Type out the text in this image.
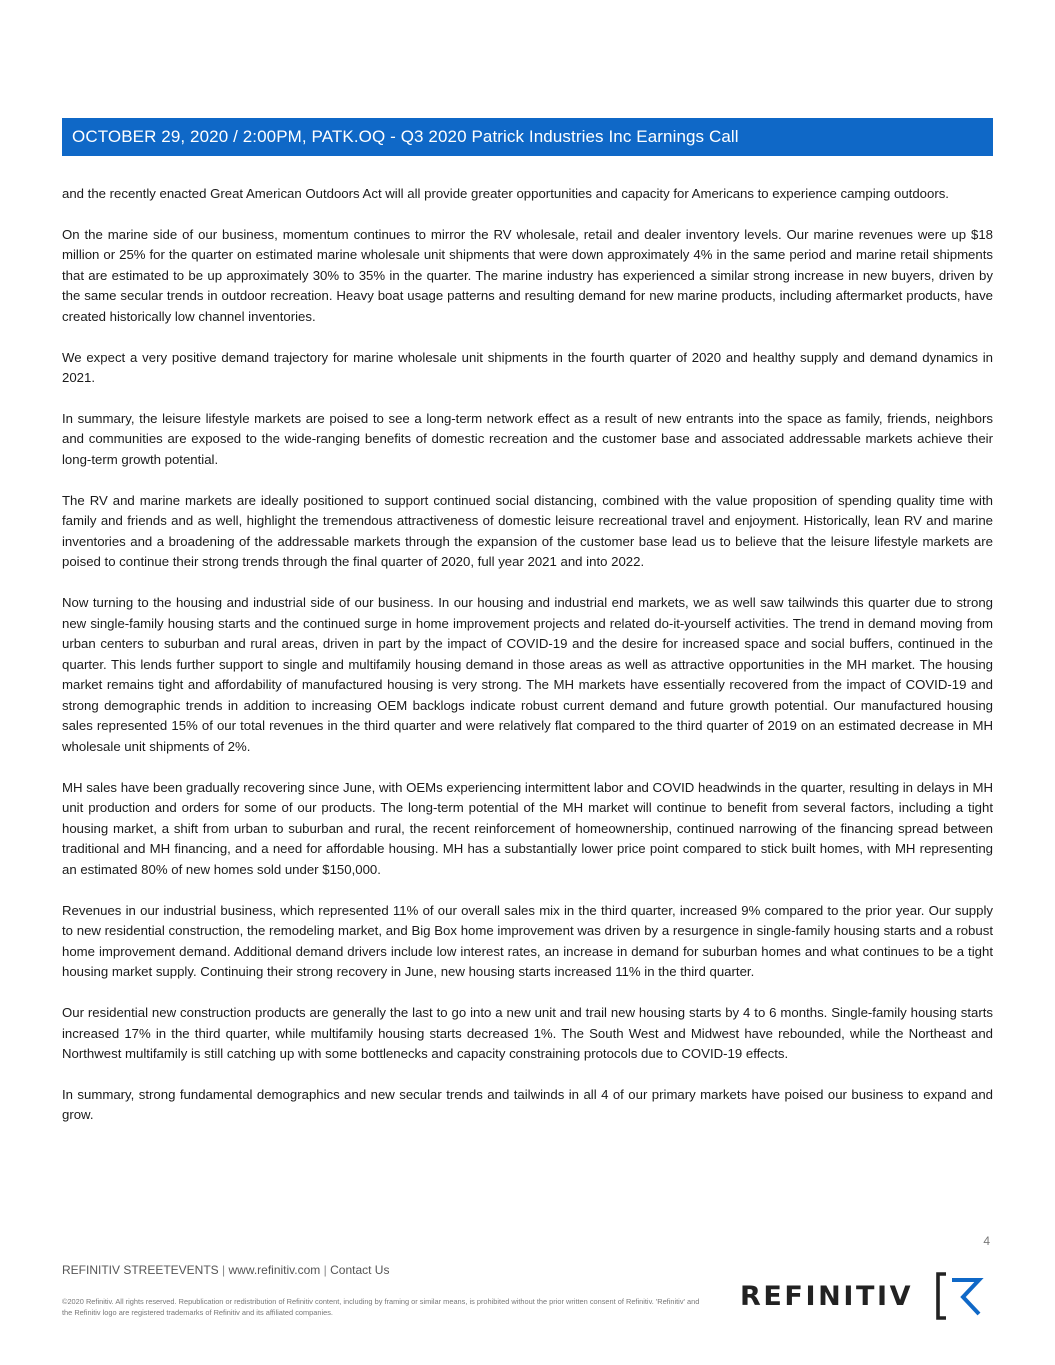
OCTOBER 29, 2020 / 2:00PM, PATK.OQ - Q3 2020 Patrick Industries Inc Earnings Call

and the recently enacted Great American Outdoors Act will all provide greater opportunities and capacity for Americans to experience camping outdoors.

On the marine side of our business, momentum continues to mirror the RV wholesale, retail and dealer inventory levels. Our marine revenues were up $18 million or 25% for the quarter on estimated marine wholesale unit shipments that were down approximately 4% in the same period and marine retail shipments that are estimated to be up approximately 30% to 35% in the quarter. The marine industry has experienced a similar strong increase in new buyers, driven by the same secular trends in outdoor recreation. Heavy boat usage patterns and resulting demand for new marine products, including aftermarket products, have created historically low channel inventories.

We expect a very positive demand trajectory for marine wholesale unit shipments in the fourth quarter of 2020 and healthy supply and demand dynamics in 2021.

In summary, the leisure lifestyle markets are poised to see a long-term network effect as a result of new entrants into the space as family, friends, neighbors and communities are exposed to the wide-ranging benefits of domestic recreation and the customer base and associated addressable markets achieve their long-term growth potential.

The RV and marine markets are ideally positioned to support continued social distancing, combined with the value proposition of spending quality time with family and friends and as well, highlight the tremendous attractiveness of domestic leisure recreational travel and enjoyment. Historically, lean RV and marine inventories and a broadening of the addressable markets through the expansion of the customer base lead us to believe that the leisure lifestyle markets are poised to continue their strong trends through the final quarter of 2020, full year 2021 and into 2022.

Now turning to the housing and industrial side of our business. In our housing and industrial end markets, we as well saw tailwinds this quarter due to strong new single-family housing starts and the continued surge in home improvement projects and related do-it-yourself activities. The trend in demand moving from urban centers to suburban and rural areas, driven in part by the impact of COVID-19 and the desire for increased space and social buffers, continued in the quarter. This lends further support to single and multifamily housing demand in those areas as well as attractive opportunities in the MH market. The housing market remains tight and affordability of manufactured housing is very strong. The MH markets have essentially recovered from the impact of COVID-19 and strong demographic trends in addition to increasing OEM backlogs indicate robust current demand and future growth potential. Our manufactured housing sales represented 15% of our total revenues in the third quarter and were relatively flat compared to the third quarter of 2019 on an estimated decrease in MH wholesale unit shipments of 2%.

MH sales have been gradually recovering since June, with OEMs experiencing intermittent labor and COVID headwinds in the quarter, resulting in delays in MH unit production and orders for some of our products. The long-term potential of the MH market will continue to benefit from several factors, including a tight housing market, a shift from urban to suburban and rural, the recent reinforcement of homeownership, continued narrowing of the financing spread between traditional and MH financing, and a need for affordable housing. MH has a substantially lower price point compared to stick built homes, with MH representing an estimated 80% of new homes sold under $150,000.

Revenues in our industrial business, which represented 11% of our overall sales mix in the third quarter, increased 9% compared to the prior year. Our supply to new residential construction, the remodeling market, and Big Box home improvement was driven by a resurgence in single-family housing starts and a robust home improvement demand. Additional demand drivers include low interest rates, an increase in demand for suburban homes and what continues to be a tight housing market supply. Continuing their strong recovery in June, new housing starts increased 11% in the third quarter.

Our residential new construction products are generally the last to go into a new unit and trail new housing starts by 4 to 6 months. Single-family housing starts increased 17% in the third quarter, while multifamily housing starts decreased 1%. The South West and Midwest have rebounded, while the Northeast and Northwest multifamily is still catching up with some bottlenecks and capacity constraining protocols due to COVID-19 effects.

In summary, strong fundamental demographics and new secular trends and tailwinds in all 4 of our primary markets have poised our business to expand and grow.

4
REFINITIV STREETEVENTS | www.refinitiv.com | Contact Us
©2020 Refinitiv. All rights reserved. Republication or redistribution of Refinitiv content, including by framing or similar means, is prohibited without the prior written consent of Refinitiv. 'Refinitiv' and the Refinitiv logo are registered trademarks of Refinitiv and its affiliated companies.
REFINITIV
